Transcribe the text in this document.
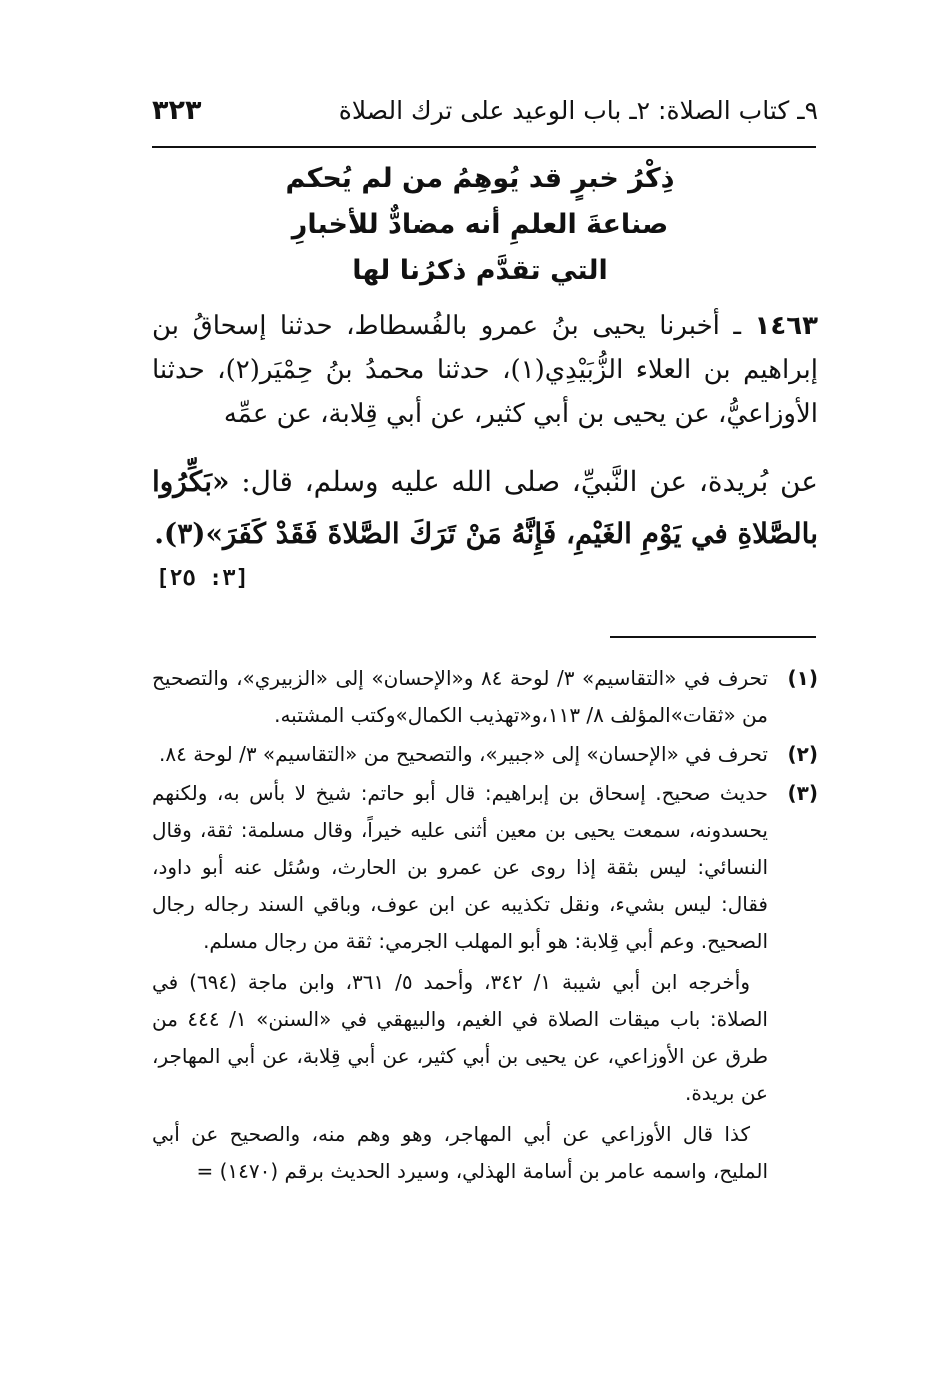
٩ـ كتاب الصلاة: ٢ـ باب الوعيد على ترك الصلاة
٣٢٣
ذِكْرُ خبرٍ قد يُوهِمُ من لم يُحكم
صناعةَ العلمِ أنه مضادٌّ للأخبارِ
التي تقدَّم ذكرُنا لها

١٤٦٣ ـ أخبرنا يحيى بنُ عمرو بالفُسطاط، حدثنا إسحاقُ بن إبراهيم بن العلاء الزُّبَيْدِي(١)، حدثنا محمدُ بنُ حِمْيَر(٢)، حدثنا الأوزاعيُّ، عن يحيى بن أبي كثير، عن أبي قِلابة، عن عمِّه

عن بُريدة، عن النَّبيِّ، صلى الله عليه وسلم، قال: «بَكِّرُوا بالصَّلاةِ في يَوْمِ الغَيْمِ، فَإِنَّهُ مَنْ تَرَكَ الصَّلاةَ فَقَدْ كَفَرَ»(٣).

[٣: ٢٥]
(١)
تحرف في «التقاسيم» ٣/ لوحة ٨٤ و«الإحسان» إلى «الزبيري»، والتصحيح من «ثقات»المؤلف ٨/ ١١٣،و«تهذيب الكمال»وكتب المشتبه.
(٢)
تحرف في «الإحسان» إلى «جبير»، والتصحيح من «التقاسيم» ٣/ لوحة ٨٤.
(٣)
حديث صحيح. إسحاق بن إبراهيم: قال أبو حاتم: شيخ لا بأس به، ولكنهم يحسدونه، سمعت يحيى بن معين أثنى عليه خيراً، وقال مسلمة: ثقة، وقال النسائي: ليس بثقة إذا روى عن عمرو بن الحارث، وسُئل عنه أبو داود، فقال: ليس بشيء، ونقل تكذيبه عن ابن عوف، وباقي السند رجاله رجال الصحيح. وعم أبي قِلابة: هو أبو المهلب الجرمي: ثقة من رجال مسلم.

وأخرجه ابن أبي شيبة ١/ ٣٤٢، وأحمد ٥/ ٣٦١، وابن ماجة (٦٩٤) في الصلاة: باب ميقات الصلاة في الغيم، والبيهقي في «السنن» ١/ ٤٤٤ من طرق عن الأوزاعي، عن يحيى بن أبي كثير، عن أبي قِلابة، عن أبي المهاجر، عن بريدة.

كذا قال الأوزاعي عن أبي المهاجر، وهو وهم منه، والصحيح عن أبي المليح، واسمه عامر بن أسامة الهذلي، وسيرد الحديث برقم (١٤٧٠) =
